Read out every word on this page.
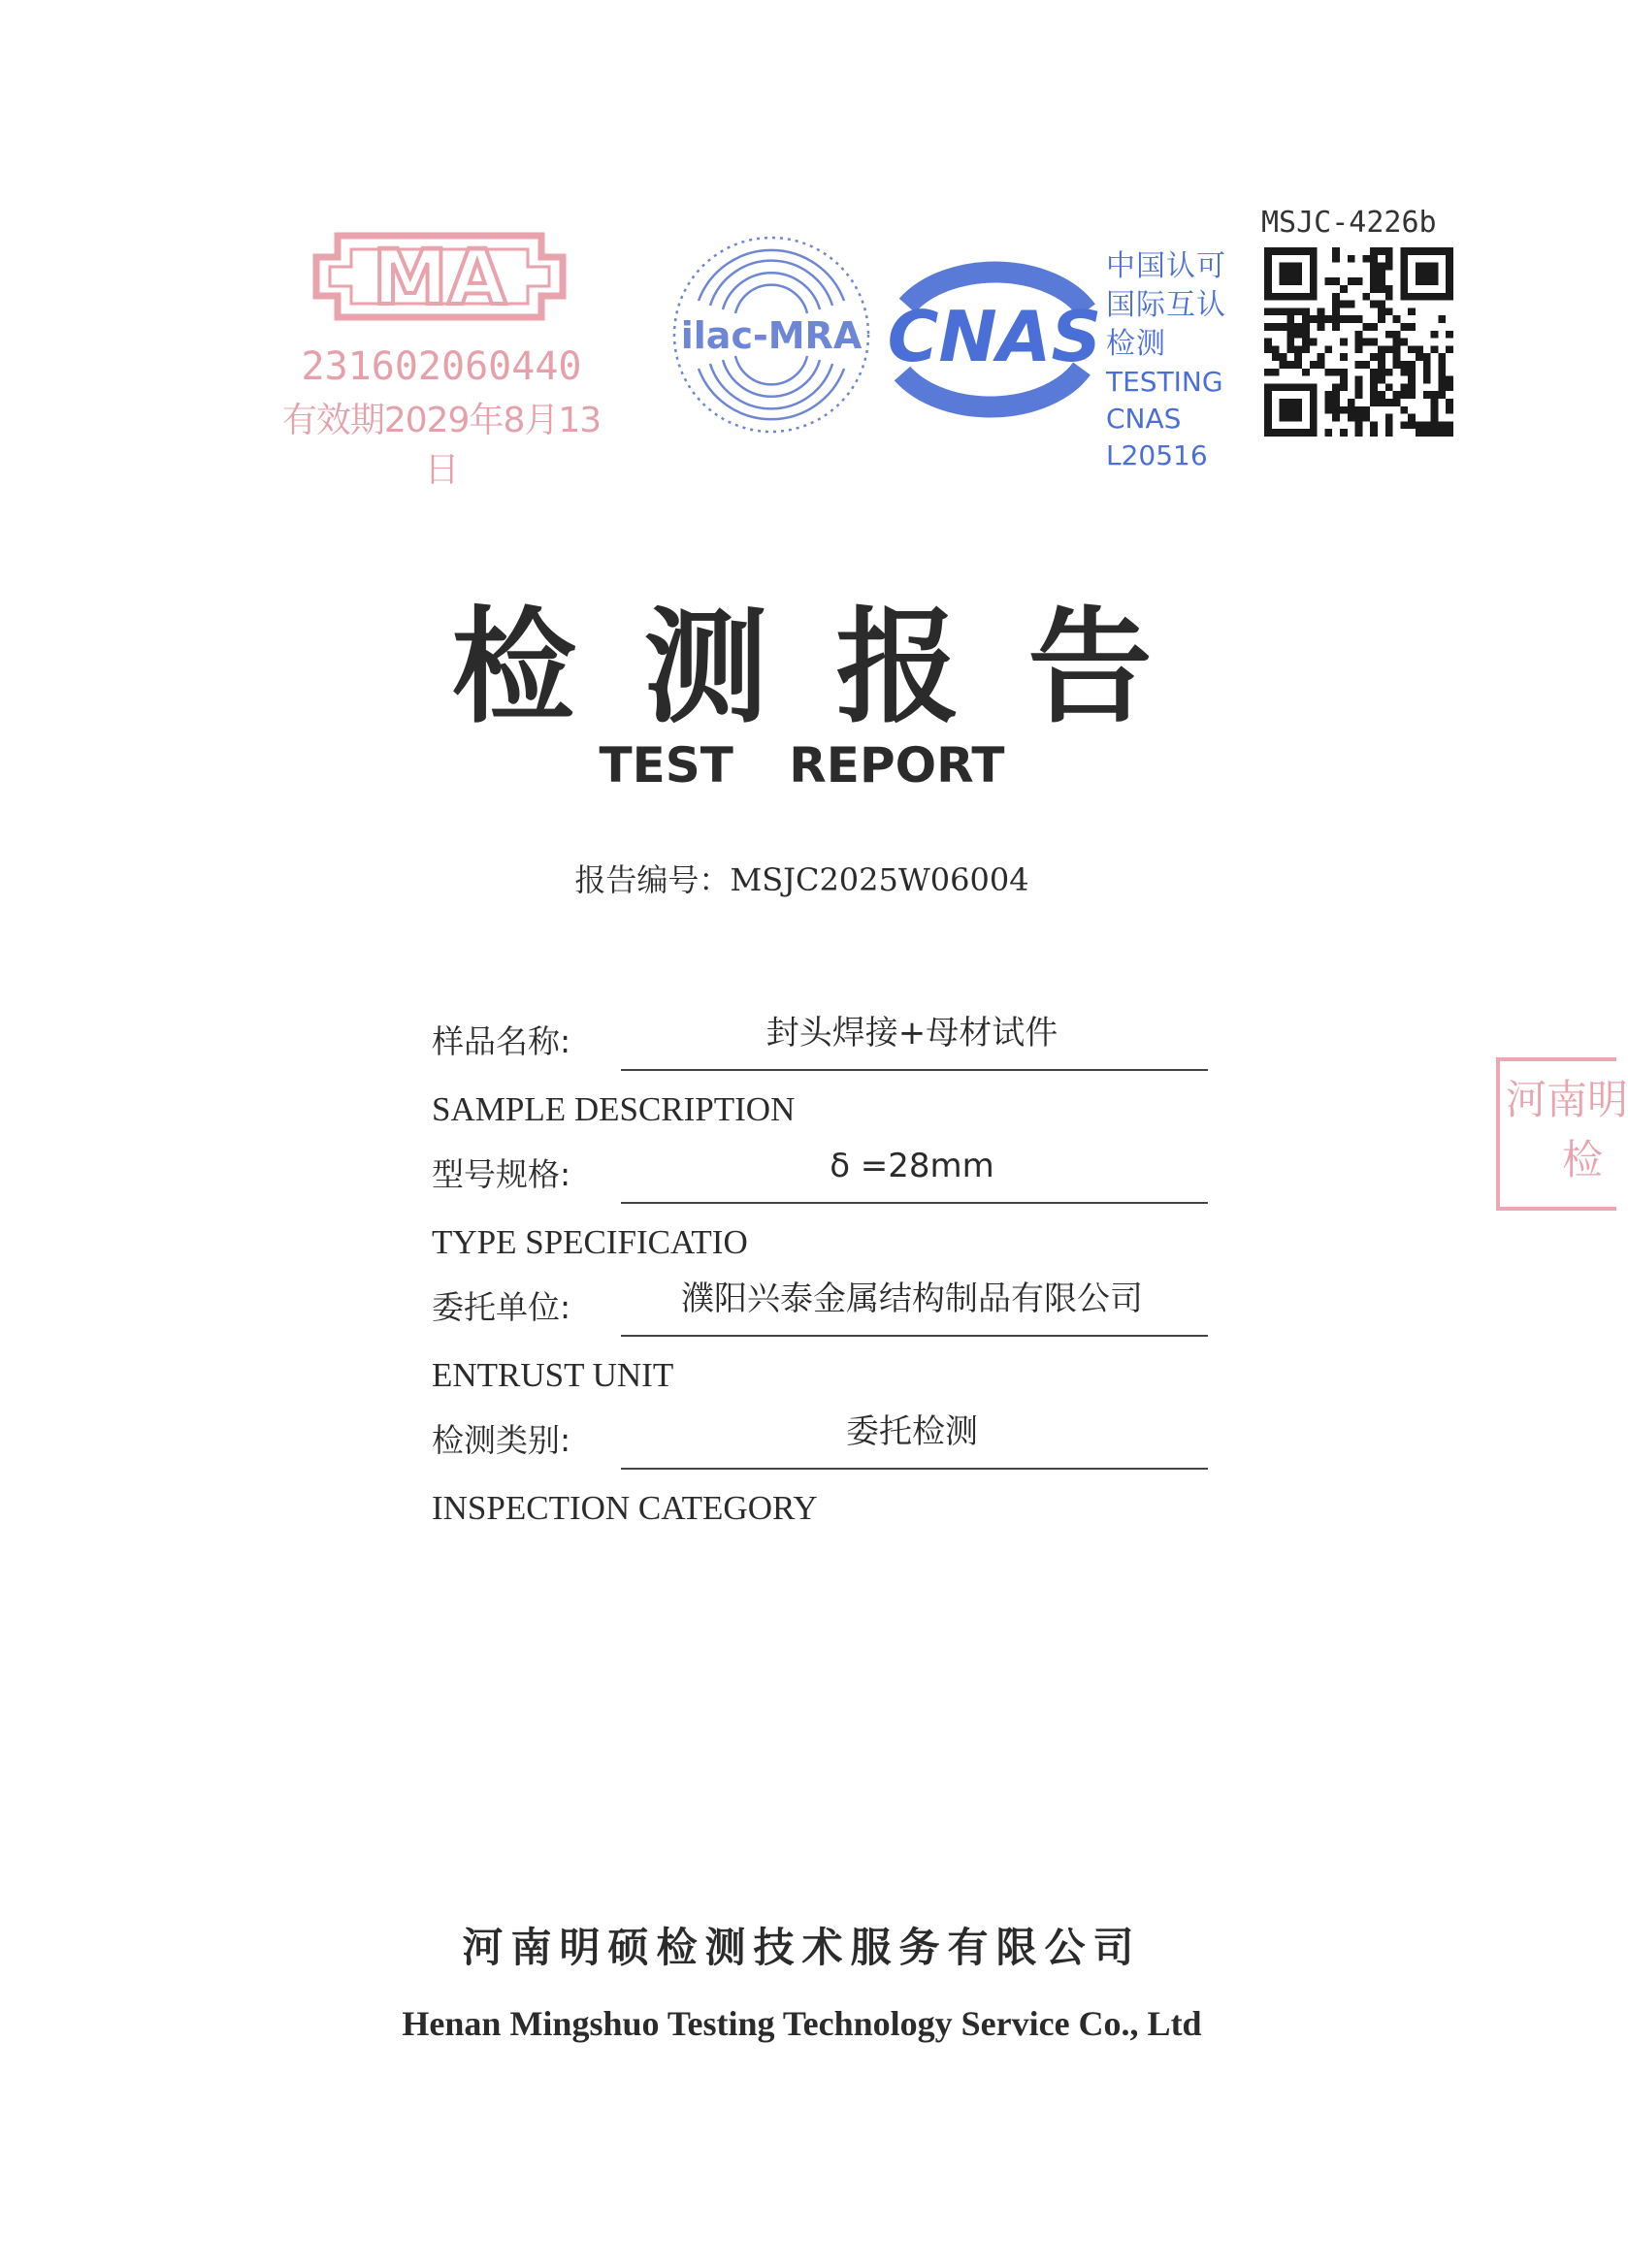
MA
231602060440
有效期2029年8月13日
ilac-MRA CNAS
中国认可
国际互认
检测
TESTING
CNAS L20516
MSJC-4226b
检测报告
TEST REPORT
报告编号：MSJC2025W06004
样品名称:	封头焊接+母材试件
SAMPLE DESCRIPTION
型号规格:	δ =28mm
TYPE SPECIFICATIO
委托单位:	濮阳兴泰金属结构制品有限公司
ENTRUST UNIT
检测类别:	委托检测
INSPECTION CATEGORY
河南明
检
河南明硕检测技术服务有限公司
Henan Mingshuo Testing Technology Service Co., Ltd
